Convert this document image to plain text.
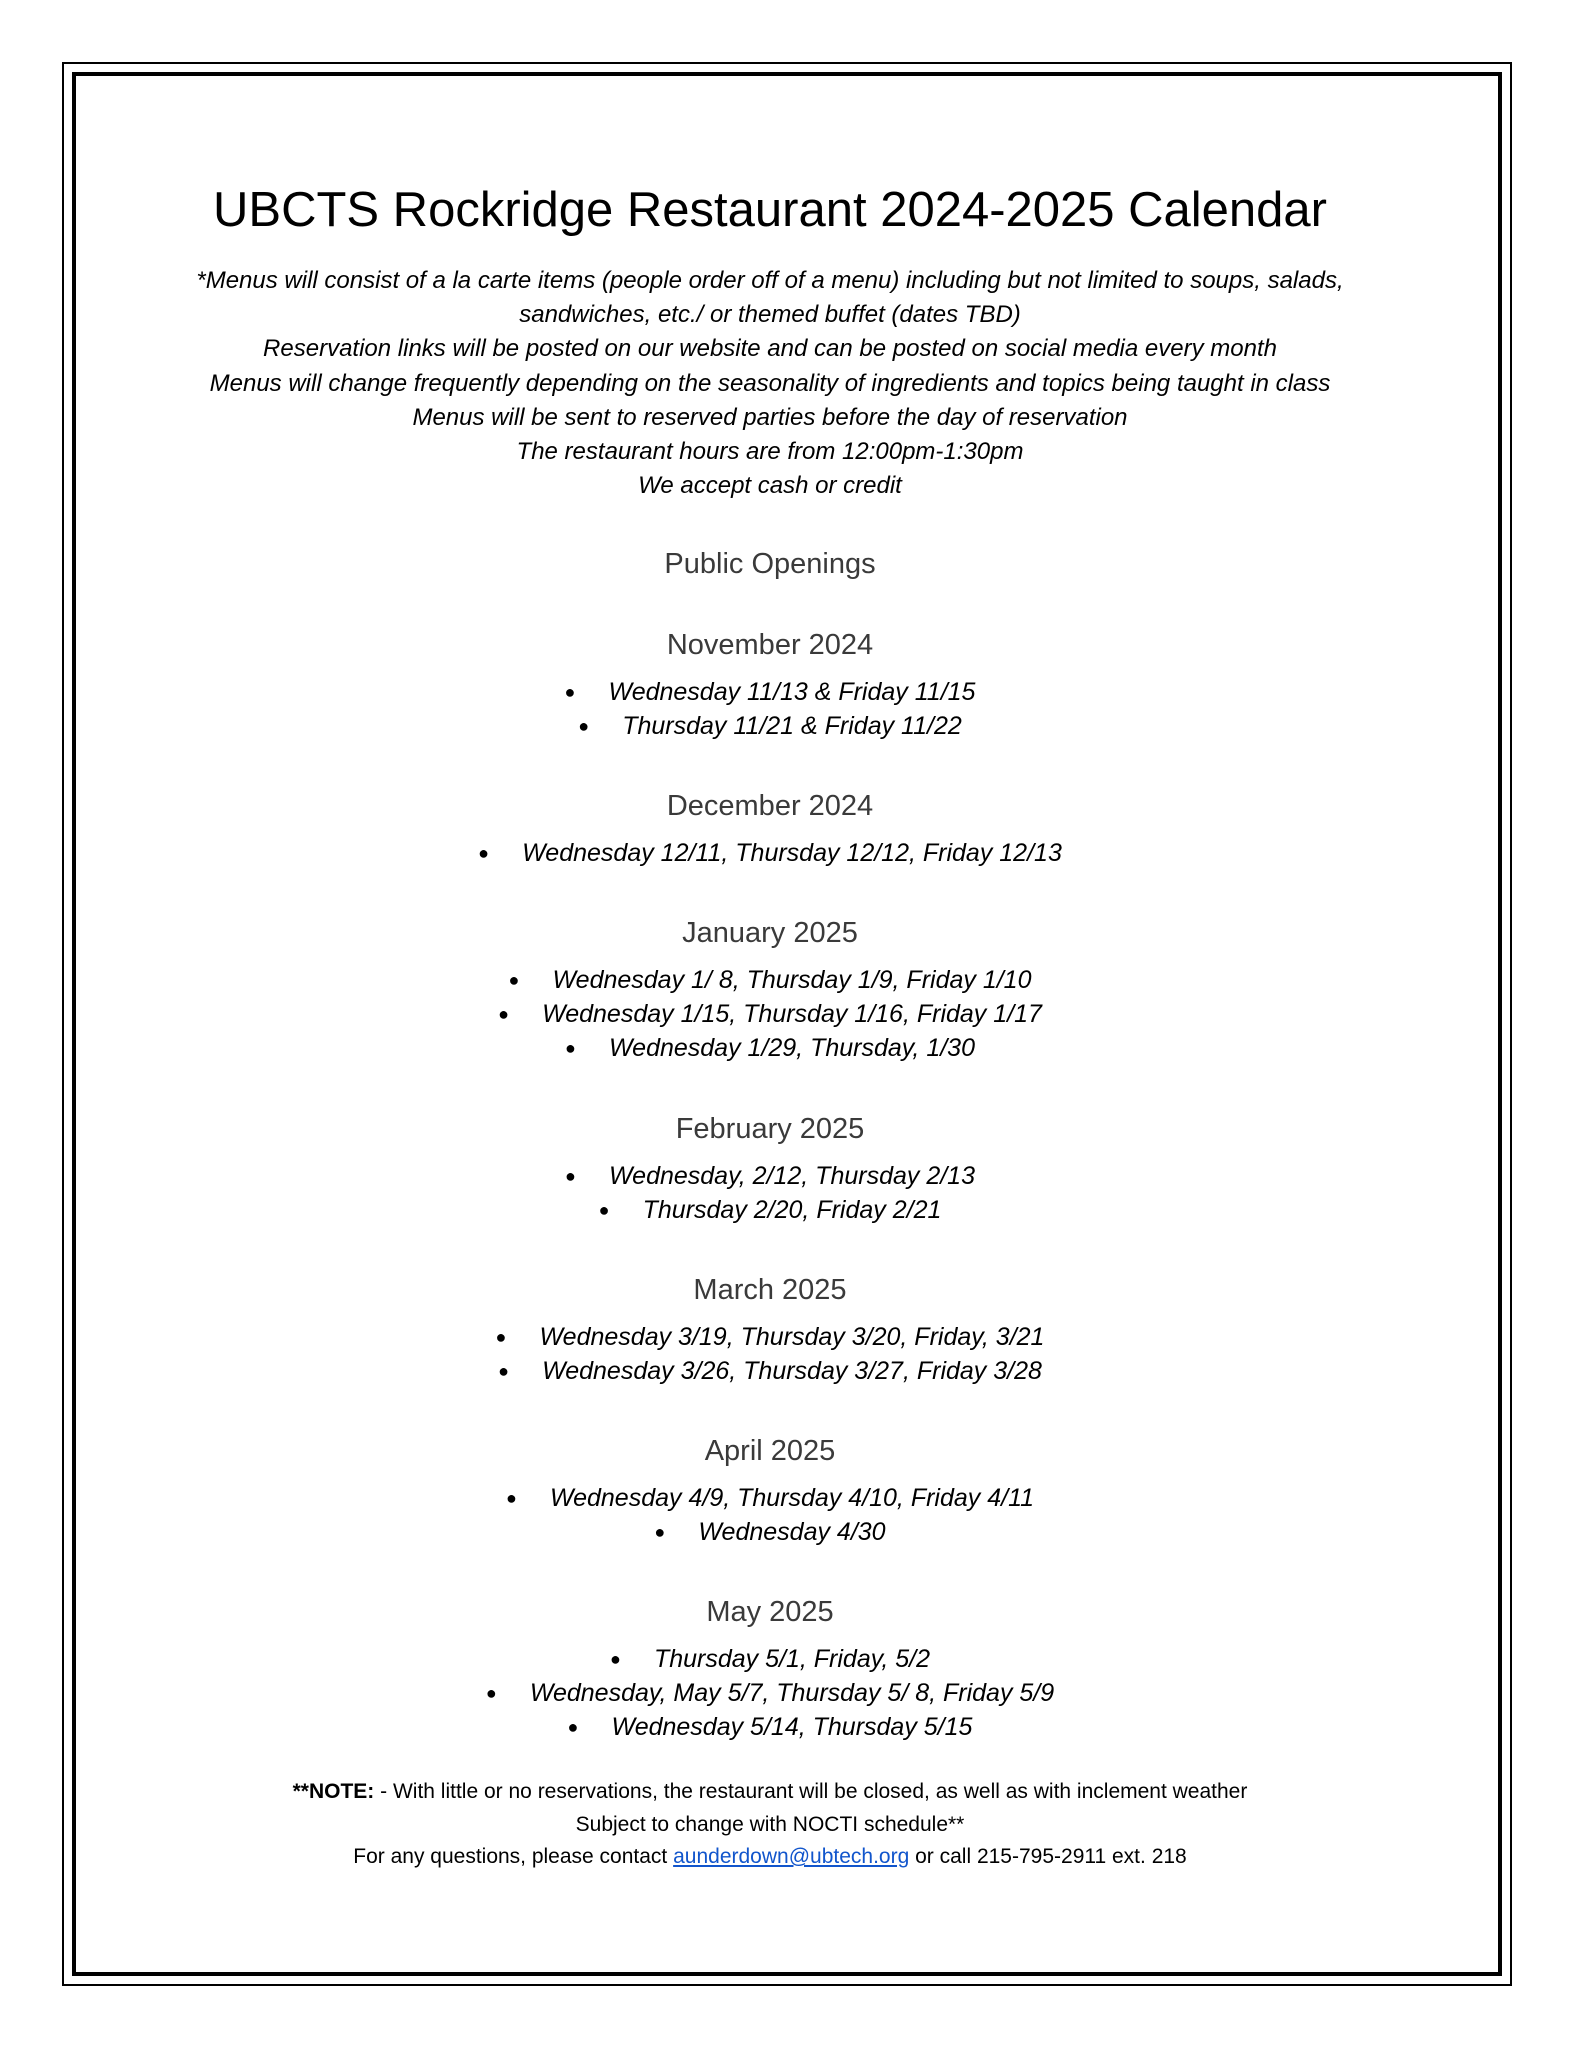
UBCTS Rockridge Restaurant 2024-2025 Calendar
*Menus will consist of a la carte items (people order off of a menu) including but not limited to soups, salads,
sandwiches, etc./ or themed buffet (dates TBD)
Reservation links will be posted on our website and can be posted on social media every month
Menus will change frequently depending on the seasonality of ingredients and topics being taught in class
Menus will be sent to reserved parties before the day of reservation
The restaurant hours are from 12:00pm-1:30pm
We accept cash or credit
Public Openings
November 2024
● Wednesday 11/13 & Friday 11/15
● Thursday 11/21 & Friday 11/22
December 2024
● Wednesday 12/11, Thursday 12/12, Friday 12/13
January 2025
● Wednesday 1/ 8, Thursday 1/9, Friday 1/10
● Wednesday 1/15, Thursday 1/16, Friday 1/17
● Wednesday 1/29, Thursday, 1/30
February 2025
● Wednesday, 2/12, Thursday 2/13
● Thursday 2/20, Friday 2/21
March 2025
● Wednesday 3/19, Thursday 3/20, Friday, 3/21
● Wednesday 3/26, Thursday 3/27, Friday 3/28
April 2025
● Wednesday 4/9, Thursday 4/10, Friday 4/11
● Wednesday 4/30
May 2025
● Thursday 5/1, Friday, 5/2
● Wednesday, May 5/7, Thursday 5/ 8, Friday 5/9
● Wednesday 5/14, Thursday 5/15
**NOTE: - With little or no reservations, the restaurant will be closed, as well as with inclement weather
Subject to change with NOCTI schedule**
For any questions, please contact aunderdown@ubtech.org or call 215-795-2911 ext. 218
